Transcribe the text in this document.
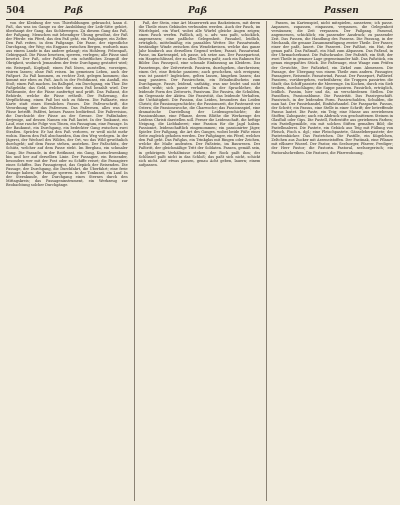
504	Paß	Paß	Passen

von der Kleidung der von Thierbildungen gebraucht, kann d. Paß, das was im Gange zu der Ausbildung der Leib-Sitte gehört, überhaupt der Gang, das Sichbewegen. Zu diesem Gang das Paß, der Paßgang, Menschen mit lebendiger Übung gewöhnt, der Paß der Pferde: ein Pferd, das den Paß geht, ein Paßgänger, ein Zelter. Den Paß reiten, in dem Paßgange. Die Passe, der eigentliche Durchgang, der Weg; ein Engpass zwischen Bergen, wodurch man aus einem Lande in das andere gelangt; ein Hohlweg, Felsenpaß, Gebirgspaß. Die Pässe besetzen, sperren, verlegen; alle Pässe sind besetzt. Der Paß, oder Paßbrief, ein schriftliches Zeugniß der Obrigkeit, wodurch Jemandem der freie Durchgang gestattet wird; ein Reisepaß, Kopfpaß; einen Paß lösen, ausstellen, vorzeigen, visiren lassen; ohne Paß reisen. Im gemeinen Leben, auch der Paßport. Zu Paß kommen, zu rechter Zeit, gelegen kommen; das kommt mir eben zu Paß. Auch in der Fechtkunst, ein Ausfall, ein Stoß; einen Paß machen. Im Ballspiel, ein Durchgang, ein Thor. Die Paßgebühr, das Geld, welches für einen Paß bezahlt wird. Der Paßbeamte, der die Pässe ausfertigt und prüft. Das Paßamt, die Behörde, welche die Pässe ertheilt. Der Paßzwang, die Verpflichtung, einen Paß bei sich zu führen. Die Paßkarte, eine Karte statt eines förmlichen Passes. Die Paßvorschrift, die Verordnung über das Paßwesen. Das Paßwesen, alles was die Pässe betrifft. Paßfrei, keines Passes bedürfend. Die Paßrevision, die Durchsicht der Pässe an der Grenze. Der Paßinhaber, derjenige, auf dessen Namen ein Paß lautet. In der Tonkunst, ein Lauf, eine rasche Folge von Tönen, ein Passagium, eine Passage. In der Baukunst, ein Durchgang, ein bedeckter Gang zwischen zwei Straßen. Sprichw. Er hat den Paß verloren, er weiß nicht mehr wohin. Einem den Paß abschneiden, ihm den Weg verlegen. In der Jägerei, der Wechsel des Wildes, der Ort, wo das Wild gewöhnlich durchgeht; auf dem Passe stehen, anstehen. Der Paßschütz, der Schütz, welcher auf dem Passe steht. Im Bergbau, ein schmaler Gang. Die Passade, in der Reitkunst, ein Gang, Kurzschwenkung hin und her auf derselben Linie. Der Passagier, ein Reisender, besonders wer mit der Post oder zu Schiffe reiset; die Passagiere eines Schiffes. Das Passagiergut, das Gepäck der Reisenden. Die Passage, der Durchgang, die Durchfahrt, die Überfahrt; eine freie Passage haben; die Passage sperren. In der Tonkunst, ein Lauf. In der Sternkunde, der Durchgang eines Sternes durch den Mittagskreis; das Passageninstrument, ein Werkzeug zur Beobachtung solcher Durchgänge.

Paß, der Stein, eine Art Mauerwerk aus Backsteinen, mit deren die Theile eines Gebäudes verbunden werden. Auch der Pasch, im Würfelspiel, ein Wurf, wobei alle Würfel gleiche Augen zeigen; einen Pasch werfen. Paßlich, adj. u. adv. was paßt, schicklich, angemessen; eine paßliche Gelegenheit. Passabel, leidlich, erträglich, mittelmäßig; ein passables Wetter. Die Passatwinde, beständige Winde zwischen den Wendekreisen, welche das ganze Jahr hindurch aus derselben Gegend wehen; Passat, Passatwind. Passe, im Kartenspiel, ich passe, ich setze aus. Der Passepartout, ein Hauptschlüssel, der zu allen Thüren paßt; auch ein Rahmen für Bilder. Das Passepoil, eine schmale Einfassung an Kleidern. Das Passetemps, der Zeitvertreib. Passiren, durchgehen, durchreisen; einen Ort, eine Brücke passiren; auch geschehen, sich ereignen; was ist passirt? Ingleichen, gelten lassen, hingehen lassen; das mag passiren. Der Passirschein, ein Erlaubnißschein zum Durchgange. Passiv, leidend, unthätig, was nur leidet und nicht selbst wirkt; sich passiv verhalten. In der Sprachlehre, die leidende Form des Zeitworts, Passivum. Die Passiva, die Schulden, im Gegensatz der Aktiva. Die Passivität, das leidende Verhalten, die Unthätigkeit. Die Passion, das Leiden, besonders das Leiden Christi; die Passionsgeschichte; die Passionszeit, die Fastenzeit vor Ostern; die Passionswoche, die Charwoche; das Passionsspiel, eine dramatische Darstellung der Leidensgeschichte; die Passionsblume, eine Pflanze, deren Blüthe die Werkzeuge des Leidens Christi darstellen soll. Ferner die Leidenschaft, die heftige Neigung, die Liebhaberei; eine Passion für die Jagd haben. Passionirt, leidenschaftlich eingenommen; ein passionirter Jäger, Spieler. Der Paßgang, die Art des Ganges, wobei beide Füße einer Seite zugleich gehoben werden. Der Paßgänger, ein Pferd, welches den Paß geht. Das Paßglas, ein Trinkglas mit Ringen oder Zeichen, welche die Maße andeuten. Der Paßstein, im Bauwesen. Der Paßtritt, der gleichmäßige Tritt der Soldaten. Passen, gemäß sein, in gehörigem Verhältnisse stehen; der Rock paßt ihm; der Schlüssel paßt nicht in das Schloß; das paßt sich nicht, schickt sich nicht. Auf etwas passen, genau Acht geben, lauern; einem aufpassen.

Passen, im Kartenspiel, nicht mitspielen, aussetzen; ich passe. Anpassen, zupassen, einpassen, verpassen, die Gelegenheit versäumen; die Zeit verpassen. Der Paßgang. Passend, angemessen, schicklich; ein passender Ausdruck; zu passender Zeit. Das Passen, die Handlung des Passens. Die Passung, in der Mechanik, die genaue Zusammenfügung zweier Theile. Der Passer, einer der paßt, lauert. Die Passerei. Der Paßhut, ein Hut, der genau paßt. Das Paßmaß, ein Maß zum Abpassen. Das Paßrad, in der Uhrmacherkunst. Die Paßschraube. Der Paßstift, ein Stift, der zwei Theile in genauer Lage gegeneinander hält. Das Paßstück, ein genau eingepaßtes Stück. Die Paßwaage, eine Waage zum Prüfen der Gewichte. Der Paßzirkel, ein Zirkel zum Abmessen. Die Passage, der Übergang von einem Theile zum andern. Passagier, Passagiere, Reisende. Passatwind, Passat. Der Passeport, Paßbrief. Passiren, vorübergehen, vorbeifahren; die Truppen passirten die Stadt; das Schiff passirte die Meerenge. Im Kochen, durch ein Sieb treiben, durchschlagen; die Suppe passiren. Passirlich, erträglich, leidlich. Passim, hier und da, an verschiedenen Stellen. Die Passiflora, Passionsblume. Die Passivität. Das Passivgeschäft. Passivisch, in der leidenden Form. Passivschulden, Schulden, die man hat. Der Passivhandel, Einfuhrhandel. Die Passpartie. Passus, der Schritt; ein Passus, eine Stelle in einer Schrift; der betreffende Passus lautet. Die Paste, ein Teig; eine Masse aus zerriebenen Stoffen; Zahnpaste; auch ein Abdruck von geschnittenen Steinen in Glasfluß oder Gips. Die Pastell, Farbestifte aus geriebenen Farben; ein Pastellgemälde, ein mit solchen Stiften gemaltes Bild; die Pastellmalerei. Die Pastete, ein Gebäck aus Teig mit Füllung von Fleisch, Fisch u. dgl.; eine Fleischpastete, Gänseleberpastete; der Pastetenbäcker. Das Pastetchen. Die Pastille, ein Kügelchen, Zeltchen aus Zucker mit Arzeneistoffen. Der Pastinak, eine Pflanze mit eßbarer Wurzel. Der Pastor, ein Seelsorger, Pfarrer, Prediger; der Herr Pastor; die Pastorin. Pastoral, seelsorgerisch; ein Pastoralschreiben. Die Pastorei, die Pfarrwohnung.
